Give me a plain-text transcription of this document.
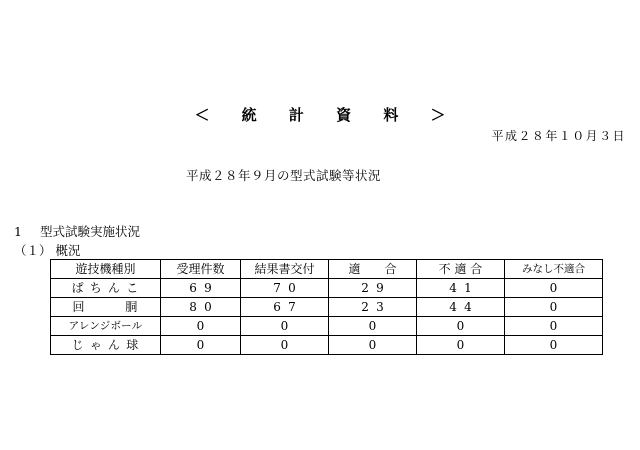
＜ 統 計 資 料 ＞
平成２８年１０月３日
平成２８年９月の型式試験等状況
1 型式試験実施状況
（１） 概況
遊技機種別	受理件数	結果書交付	適　　合	不 適 合	みなし不適合
ぱ ち ん こ	69	70	29	41	0
回　　　胴	80	67	23	44	0
アレンジボール	0	0	0	0	0
じ ゃ ん 球	0	0	0	0	0
